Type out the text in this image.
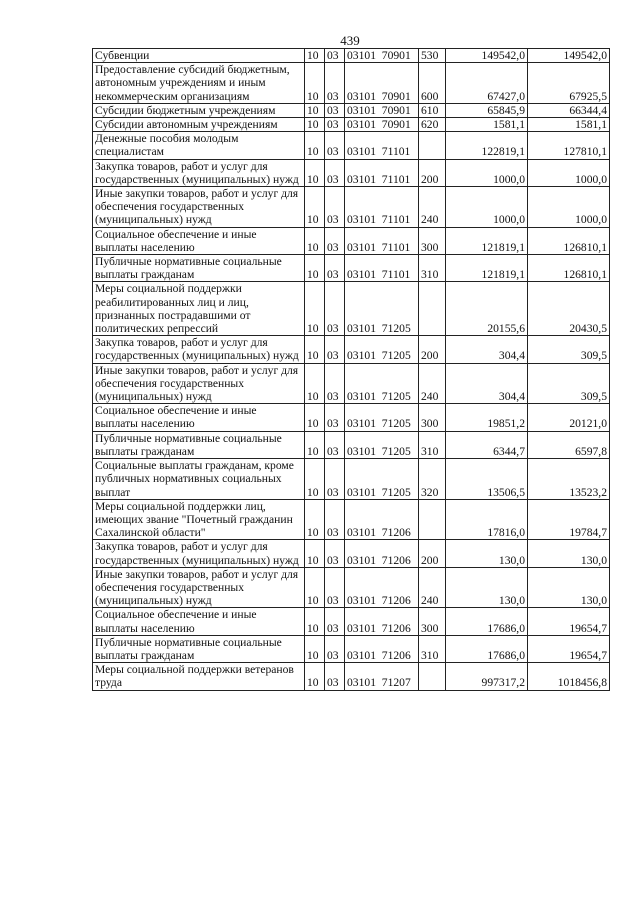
439
Субвенции	10	03	03101  70901	530	149542,0	149542,0
Предоставление субсидий бюджетным, автономным учреждениям и иным некоммерческим организациям	10	03	03101  70901	600	67427,0	67925,5
Субсидии бюджетным учреждениям	10	03	03101  70901	610	65845,9	66344,4
Субсидии автономным учреждениям	10	03	03101  70901	620	1581,1	1581,1
Денежные пособия молодым специалистам	10	03	03101  71101		122819,1	127810,1
Закупка товаров, работ и услуг для государственных (муниципальных) нужд	10	03	03101  71101	200	1000,0	1000,0
Иные закупки товаров, работ и услуг для обеспечения государственных (муниципальных) нужд	10	03	03101  71101	240	1000,0	1000,0
Социальное обеспечение и иные выплаты населению	10	03	03101  71101	300	121819,1	126810,1
Публичные нормативные социальные выплаты гражданам	10	03	03101  71101	310	121819,1	126810,1
Меры социальной поддержки реабилитированных лиц и лиц, признанных пострадавшими от политических репрессий	10	03	03101  71205		20155,6	20430,5
Закупка товаров, работ и услуг для государственных (муниципальных) нужд	10	03	03101  71205	200	304,4	309,5
Иные закупки товаров, работ и услуг для обеспечения государственных (муниципальных) нужд	10	03	03101  71205	240	304,4	309,5
Социальное обеспечение и иные выплаты населению	10	03	03101  71205	300	19851,2	20121,0
Публичные нормативные социальные выплаты гражданам	10	03	03101  71205	310	6344,7	6597,8
Социальные выплаты гражданам, кроме публичных нормативных социальных выплат	10	03	03101  71205	320	13506,5	13523,2
Меры социальной поддержки лиц, имеющих звание "Почетный гражданин Сахалинской области"	10	03	03101  71206		17816,0	19784,7
Закупка товаров, работ и услуг для государственных (муниципальных) нужд	10	03	03101  71206	200	130,0	130,0
Иные закупки товаров, работ и услуг для обеспечения государственных (муниципальных) нужд	10	03	03101  71206	240	130,0	130,0
Социальное обеспечение и иные выплаты населению	10	03	03101  71206	300	17686,0	19654,7
Публичные нормативные социальные выплаты гражданам	10	03	03101  71206	310	17686,0	19654,7
Меры социальной поддержки ветеранов труда	10	03	03101  71207		997317,2	1018456,8
